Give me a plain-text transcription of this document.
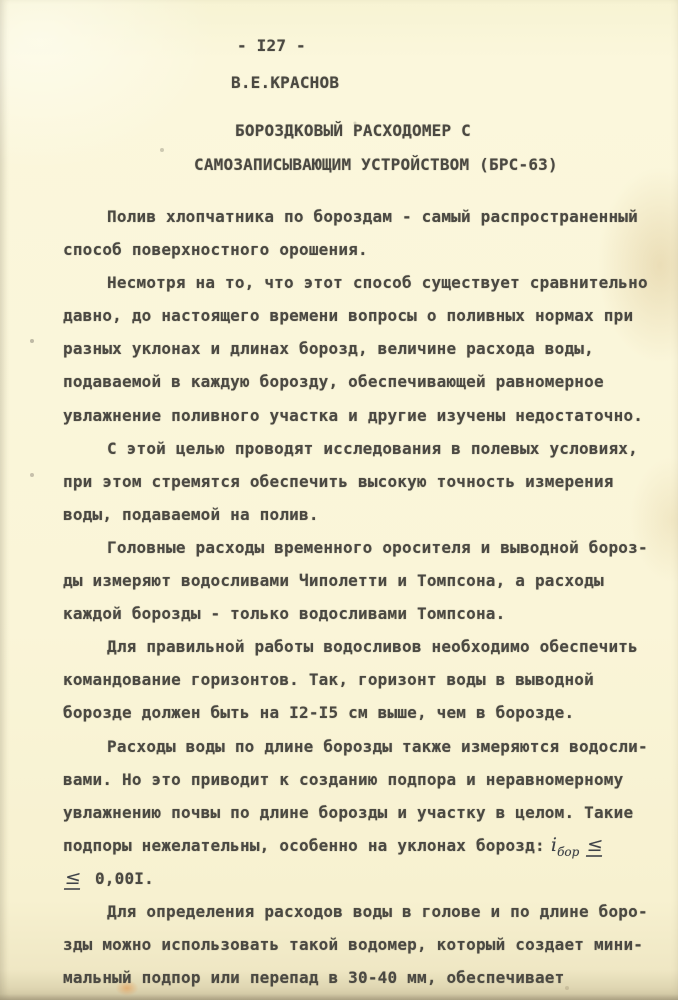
- I27 -
В.Е.КРАСНОВ
БОРОЗДКОВЫЙ РАСХОДОМЕР С
САМОЗАПИСЫВАЮЩИМ УСТРОЙСТВОМ (БРС-63)
Полив хлопчатника по бороздам - самый распространенный
способ поверхностного орошения.
Несмотря на то, что этот способ существует сравнительно
давно, до настоящего времени вопросы о поливных нормах при
разных уклонах и длинах борозд, величине расхода воды,
подаваемой в каждую борозду, обеспечивающей равномерное
увлажнение поливного участка и другие изучены недостаточно.
С этой целью проводят исследования в полевых условиях,
при этом стремятся обеспечить высокую точность измерения
воды, подаваемой на полив.
Головные расходы временного оросителя и выводной бороз-
ды измеряют водосливами Чиполетти и Томпсона, а расходы
каждой борозды - только водосливами Томпсона.
Для правильной работы водосливов необходимо обеспечить
командование горизонтов. Так, горизонт воды в выводной
борозде должен быть на I2-I5 см выше, чем в борозде.
Расходы воды по длине борозды также измеряются водосли-
вами. Но это приводит к созданию подпора и неравномерному
увлажнению почвы по длине борозды и участку в целом. Такие
подпоры нежелательны, особенно на уклонах борозд: $i_{бор}$ ≤
≤ 0,00I.
Для определения расходов воды в голове и по длине боро-
зды можно использовать такой водомер, который создает мини-
мальный подпор или перепад в 30-40 мм, обеспечивает
